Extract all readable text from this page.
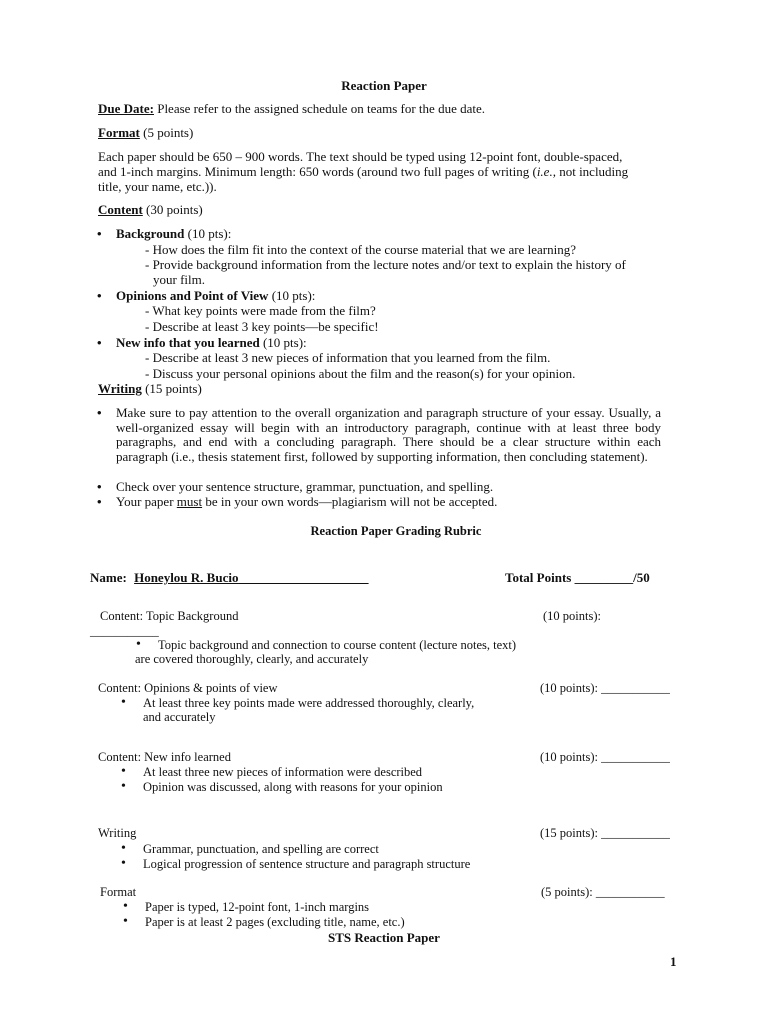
Reaction Paper
Due Date: Please refer to the assigned schedule on teams for the due date.
Format (5 points)
Each paper should be 650 – 900 words. The text should be typed using 12-point font, double-spaced,
and 1-inch margins. Minimum length: 650 words (around two full pages of writing (i.e., not including
title, your name, etc.)).
Content (30 points)
• Background (10 pts):
- How does the film fit into the context of the course material that we are learning?
- Provide background information from the lecture notes and/or text to explain the history of
your film.
• Opinions and Point of View (10 pts):
- What key points were made from the film?
- Describe at least 3 key points—be specific!
• New info that you learned (10 pts):
- Describe at least 3 new pieces of information that you learned from the film.
- Discuss your personal opinions about the film and the reason(s) for your opinion.
Writing (15 points)
• Make sure to pay attention to the overall organization and paragraph structure of your essay. Usually, a well-organized essay will begin with an introductory paragraph, continue with at least three body paragraphs, and end with a concluding paragraph. There should be a clear structure within each paragraph (i.e., thesis statement first, followed by supporting information, then concluding statement).
• Check over your sentence structure, grammar, punctuation, and spelling.
• Your paper must be in your own words—plagiarism will not be accepted.
Reaction Paper Grading Rubric
Name: Honeylou R. Bucio____________________	Total Points _________/50
Content: Topic Background	(10 points):
___________
• Topic background and connection to course content (lecture notes, text)
are covered thoroughly, clearly, and accurately
Content: Opinions & points of view	(10 points): ___________
• At least three key points made were addressed thoroughly, clearly,
and accurately
Content: New info learned	(10 points): ___________
• At least three new pieces of information were described
• Opinion was discussed, along with reasons for your opinion
Writing	(15 points): ___________
• Grammar, punctuation, and spelling are correct
• Logical progression of sentence structure and paragraph structure
Format	(5 points): ___________
• Paper is typed, 12-point font, 1-inch margins
• Paper is at least 2 pages (excluding title, name, etc.)
STS Reaction Paper
1
